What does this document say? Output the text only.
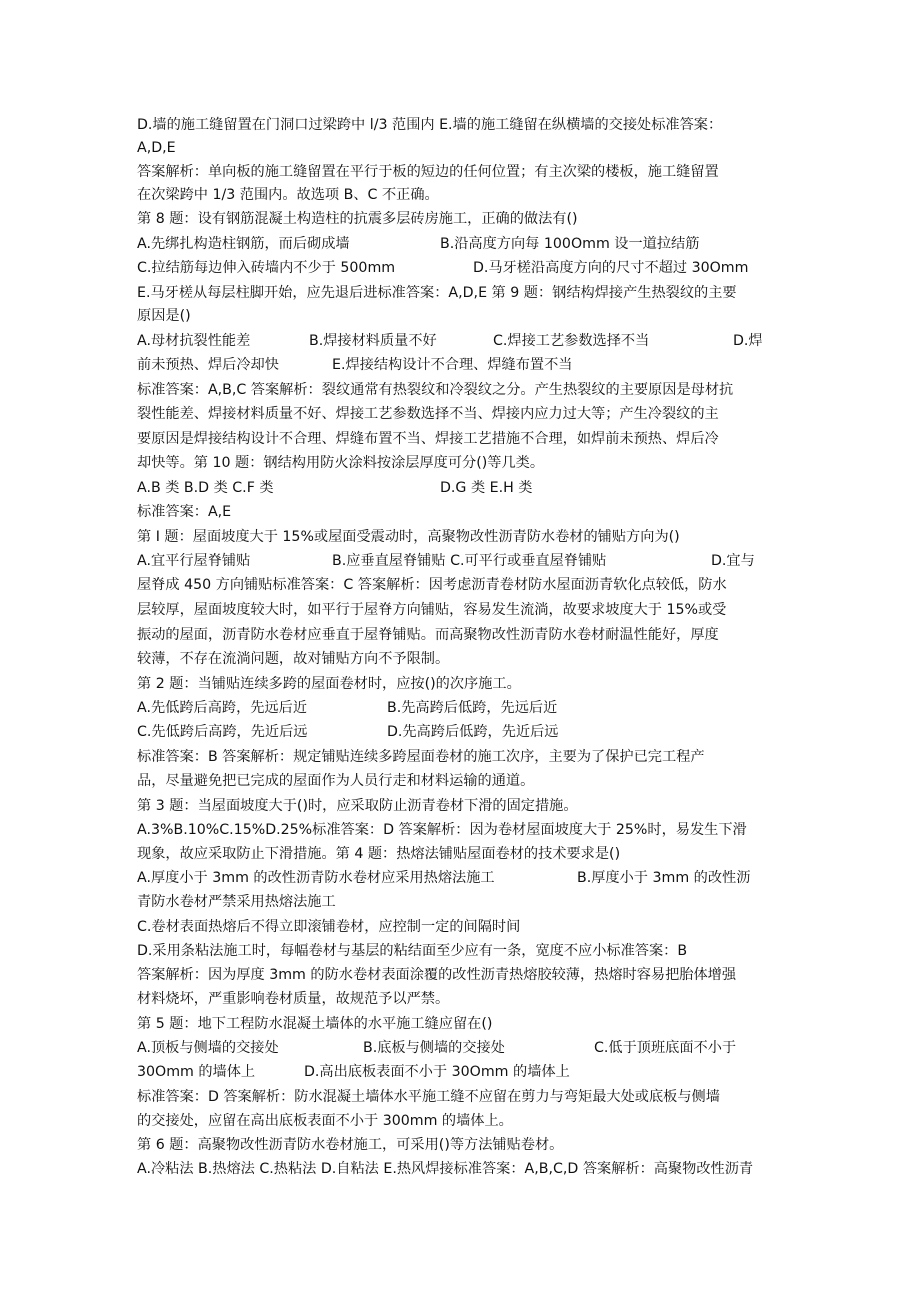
D.墙的施工缝留置在门洞口过梁跨中 l/3 范围内 E.墙的施工缝留在纵横墙的交接处标准答案：
A,D,E
答案解析：单向板的施工缝留置在平行于板的短边的任何位置；有主次梁的楼板，施工缝留置
在次梁跨中 1/3 范围内。故选项 B、C 不正确。
第 8 题：设有钢筋混凝土构造柱的抗震多层砖房施工，正确的做法有()
A.先绑扎构造柱钢筋，而后砌成墙	B.沿高度方向每 100Omm 设一道拉结筋
C.拉结筋每边伸入砖墙内不少于 500mm	D.马牙槎沿高度方向的尺寸不超过 30Omm
E.马牙槎从每层柱脚开始，应先退后进标准答案：A,D,E 第 9 题：钢结构焊接产生热裂纹的主要
原因是()
A.母材抗裂性能差	B.焊接材料质量不好	C.焊接工艺参数选择不当	D.焊
前未预热、焊后冷却快	E.焊接结构设计不合理、焊缝布置不当
标准答案：A,B,C 答案解析：裂纹通常有热裂纹和冷裂纹之分。产生热裂纹的主要原因是母材抗
裂性能差、焊接材料质量不好、焊接工艺参数选择不当、焊接内应力过大等；产生冷裂纹的主
要原因是焊接结构设计不合理、焊缝布置不当、焊接工艺措施不合理，如焊前未预热、焊后冷
却快等。第 10 题：钢结构用防火涂料按涂层厚度可分()等几类。
A.B 类 B.D 类 C.F 类	D.G 类 E.H 类
标准答案：A,E
第 I 题：屋面坡度大于 15%或屋面受震动时，高聚物改性沥青防水卷材的铺贴方向为()
A.宜平行屋脊铺贴	B.应垂直屋脊铺贴 C.可平行或垂直屋脊铺贴	D.宜与
屋脊成 450 方向铺贴标准答案：C 答案解析：因考虑沥青卷材防水屋面沥青软化点较低，防水
层较厚，屋面坡度较大时，如平行于屋脊方向铺贴，容易发生流淌，故要求坡度大于 15%或受
振动的屋面，沥青防水卷材应垂直于屋脊铺贴。而高聚物改性沥青防水卷材耐温性能好，厚度
较薄，不存在流淌问题，故对铺贴方向不予限制。
第 2 题：当铺贴连续多跨的屋面卷材时，应按()的次序施工。
A.先低跨后高跨，先远后近	B.先高跨后低跨，先远后近
C.先低跨后高跨，先近后远	D.先高跨后低跨，先近后远
标准答案：B 答案解析：规定铺贴连续多跨屋面卷材的施工次序，主要为了保护已完工程产
品，尽量避免把已完成的屋面作为人员行走和材料运输的通道。
第 3 题：当屋面坡度大于()时，应采取防止沥青卷材下滑的固定措施。
A.3%B.10%C.15%D.25%标准答案：D 答案解析：因为卷材屋面坡度大于 25%时，易发生下滑
现象，故应采取防止下滑措施。第 4 题：热熔法铺贴屋面卷材的技术要求是()
A.厚度小于 3mm 的改性沥青防水卷材应采用热熔法施工	B.厚度小于 3mm 的改性沥
青防水卷材严禁采用热熔法施工
C.卷材表面热熔后不得立即滚铺卷材，应控制一定的间隔时间
D.采用条粘法施工时，每幅卷材与基层的粘结面至少应有一条，宽度不应小标准答案：B
答案解析：因为厚度 3mm 的防水卷材表面涂覆的改性沥青热熔胶较薄，热熔时容易把胎体增强
材料烧坏，严重影响卷材质量，故规范予以严禁。
第 5 题：地下工程防水混凝土墙体的水平施工缝应留在()
A.顶板与侧墙的交接处	B.底板与侧墙的交接处	C.低于顶班底面不小于
30Omm 的墙体上	D.高出底板表面不小于 30Omm 的墙体上
标准答案：D 答案解析：防水混凝土墙体水平施工缝不应留在剪力与弯矩最大处或底板与侧墙
的交接处，应留在高出底板表面不小于 300mm 的墙体上。
第 6 题：高聚物改性沥青防水卷材施工，可采用()等方法铺贴卷材。
A.冷粘法 B.热熔法 C.热粘法 D.自粘法 E.热风焊接标准答案：A,B,C,D 答案解析：高聚物改性沥青
